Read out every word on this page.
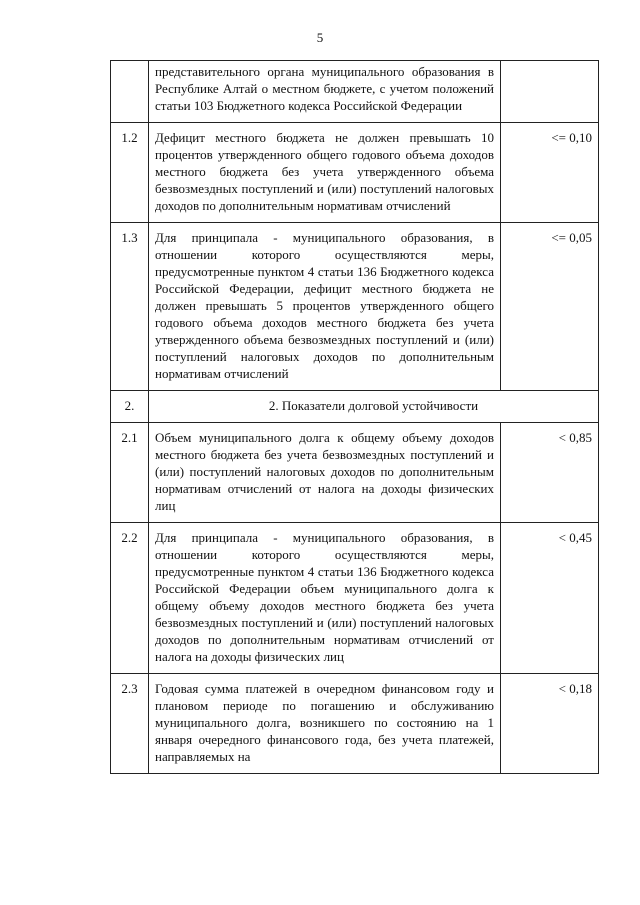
5
	представительного органа муниципального образования в Республике Алтай о местном бюджете, с учетом положений статьи 103 Бюджетного кодекса Российской Федерации	
1.2	Дефицит местного бюджета не должен превышать 10 процентов утвержденного общего годового объема доходов местного бюджета без учета утвержденного объема безвозмездных поступлений и (или) поступлений налоговых доходов по дополнительным нормативам отчислений	<= 0,10
1.3	Для принципала - муниципального образования, в отношении которого осуществляются меры, предусмотренные пунктом 4 статьи 136 Бюджетного кодекса Российской Федерации, дефицит местного бюджета не должен превышать 5 процентов утвержденного общего годового объема доходов местного бюджета без учета утвержденного объема безвозмездных поступлений и (или) поступлений налоговых доходов по дополнительным нормативам отчислений	<= 0,05
2.	2. Показатели долговой устойчивости	
2.1	Объем муниципального долга к общему объему доходов местного бюджета без учета безвозмездных поступлений и (или) поступлений налоговых доходов по дополнительным нормативам отчислений от налога на доходы физических лиц	< 0,85
2.2	Для принципала - муниципального образования, в отношении которого осуществляются меры, предусмотренные пунктом 4 статьи 136 Бюджетного кодекса Российской Федерации объем муниципального долга к общему объему доходов местного бюджета без учета безвозмездных поступлений и (или) поступлений налоговых доходов по дополнительным нормативам отчислений от налога на доходы физических лиц	< 0,45
2.3	Годовая сумма платежей в очередном финансовом году и плановом периоде по погашению и обслуживанию муниципального долга, возникшего по состоянию на 1 января очередного финансового года, без учета платежей, направляемых на	< 0,18
